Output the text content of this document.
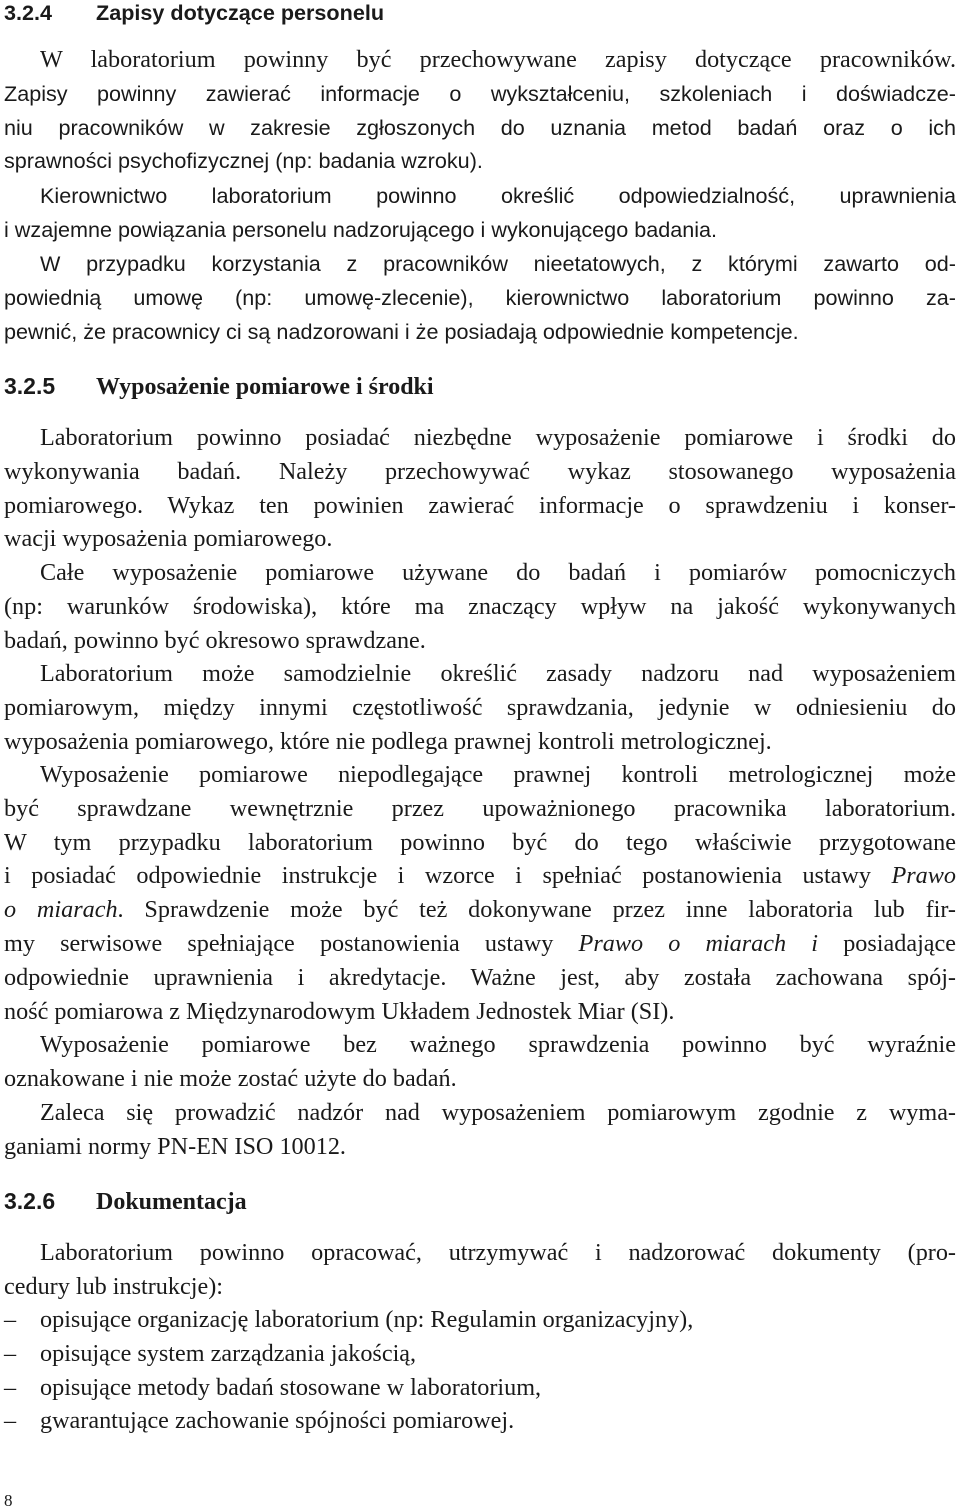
3.2.4 Zapisy dotyczące personelu
W laboratorium powinny być przechowywane zapisy dotyczące pracowników.
Zapisy powinny zawierać informacje o wykształceniu, szkoleniach i doświadcze-
niu pracowników w zakresie zgłoszonych do uznania metod badań oraz o ich
sprawności psychofizycznej (np: badania wzroku).
Kierownictwo laboratorium powinno określić odpowiedzialność, uprawnienia
i wzajemne powiązania personelu nadzorującego i wykonującego badania.
W przypadku korzystania z pracowników nieetatowych, z którymi zawarto od-
powiednią umowę (np: umowę-zlecenie), kierownictwo laboratorium powinno za-
pewnić, że pracownicy ci są nadzorowani i że posiadają odpowiednie kompetencje.
3.2.5 Wyposażenie pomiarowe i środki
Laboratorium powinno posiadać niezbędne wyposażenie pomiarowe i środki do
wykonywania badań. Należy przechowywać wykaz stosowanego wyposażenia
pomiarowego. Wykaz ten powinien zawierać informacje o sprawdzeniu i konser-
wacji wyposażenia pomiarowego.
Całe wyposażenie pomiarowe używane do badań i pomiarów pomocniczych
(np: warunków środowiska), które ma znaczący wpływ na jakość wykonywanych
badań, powinno być okresowo sprawdzane.
Laboratorium może samodzielnie określić zasady nadzoru nad wyposażeniem
pomiarowym, między innymi częstotliwość sprawdzania, jedynie w odniesieniu do
wyposażenia pomiarowego, które nie podlega prawnej kontroli metrologicznej.
Wyposażenie pomiarowe niepodlegające prawnej kontroli metrologicznej może
być sprawdzane wewnętrznie przez upoważnionego pracownika laboratorium.
W tym przypadku laboratorium powinno być do tego właściwie przygotowane
i posiadać odpowiednie instrukcje i wzorce i spełniać postanowienia ustawy Prawo
o miarach. Sprawdzenie może być też dokonywane przez inne laboratoria lub fir-
my serwisowe spełniające postanowienia ustawy Prawo o miarach i posiadające
odpowiednie uprawnienia i akredytacje. Ważne jest, aby została zachowana spój-
ność pomiarowa z Międzynarodowym Układem Jednostek Miar (SI).
Wyposażenie pomiarowe bez ważnego sprawdzenia powinno być wyraźnie
oznakowane i nie może zostać użyte do badań.
Zaleca się prowadzić nadzór nad wyposażeniem pomiarowym zgodnie z wyma-
ganiami normy PN-EN ISO 10012.
3.2.6 Dokumentacja
Laboratorium powinno opracować, utrzymywać i nadzorować dokumenty (pro-
cedury lub instrukcje):
– opisujące organizację laboratorium (np: Regulamin organizacyjny),
– opisujące system zarządzania jakością,
– opisujące metody badań stosowane w laboratorium,
– gwarantujące zachowanie spójności pomiarowej.
8
